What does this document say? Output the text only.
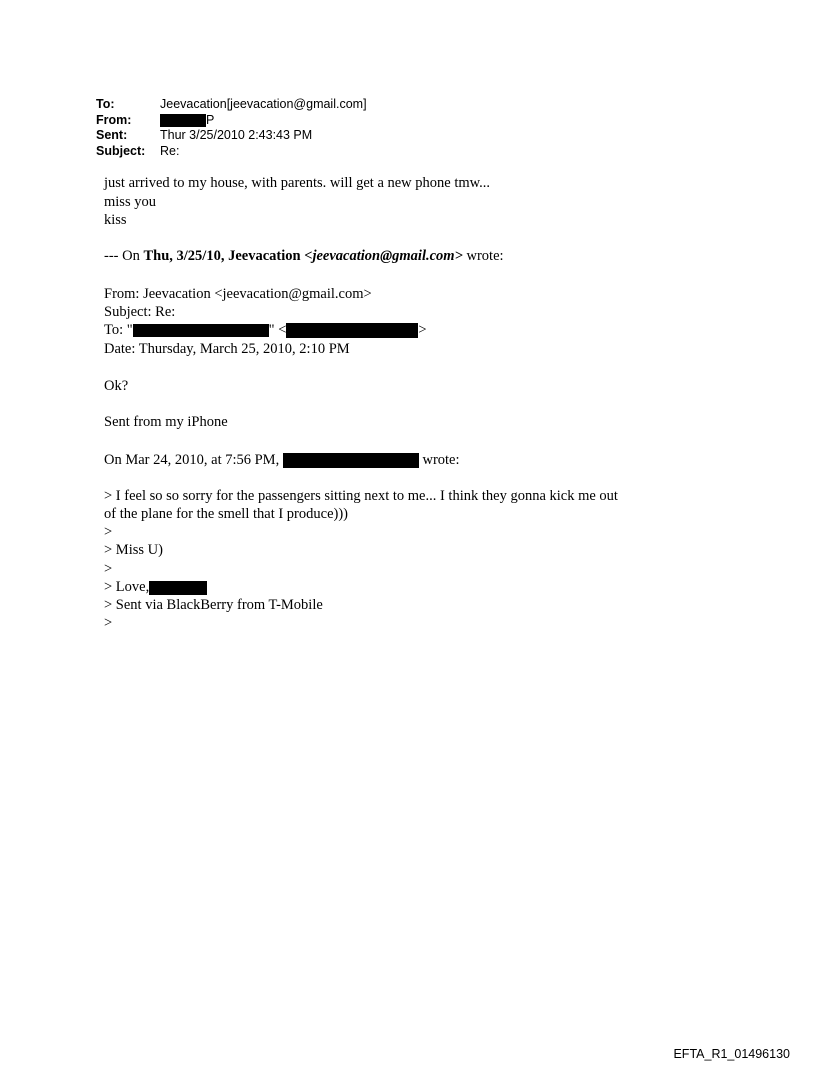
To:	Jeevacation[jeevacation@gmail.com]
From:	P
Sent:	Thur 3/25/2010 2:43:43 PM
Subject: Re:
just arrived to my house, with parents. will get a new phone tmw...
miss you
kiss
--- On Thu, 3/25/10, Jeevacation <jeevacation@gmail.com> wrote:
From: Jeevacation <jeevacation@gmail.com>
Subject: Re:
To: "	" <	>
Date: Thursday, March 25, 2010, 2:10 PM
Ok?
Sent from my iPhone
On Mar 24, 2010, at 7:56 PM,	wrote:
> I feel so so sorry for the passengers sitting next to me... I think they gonna kick me out
of the plane for the smell that I produce)))
>
> Miss U)
>
> Love,
> Sent via BlackBerry from T-Mobile
>
EFTA_R1_01496130
